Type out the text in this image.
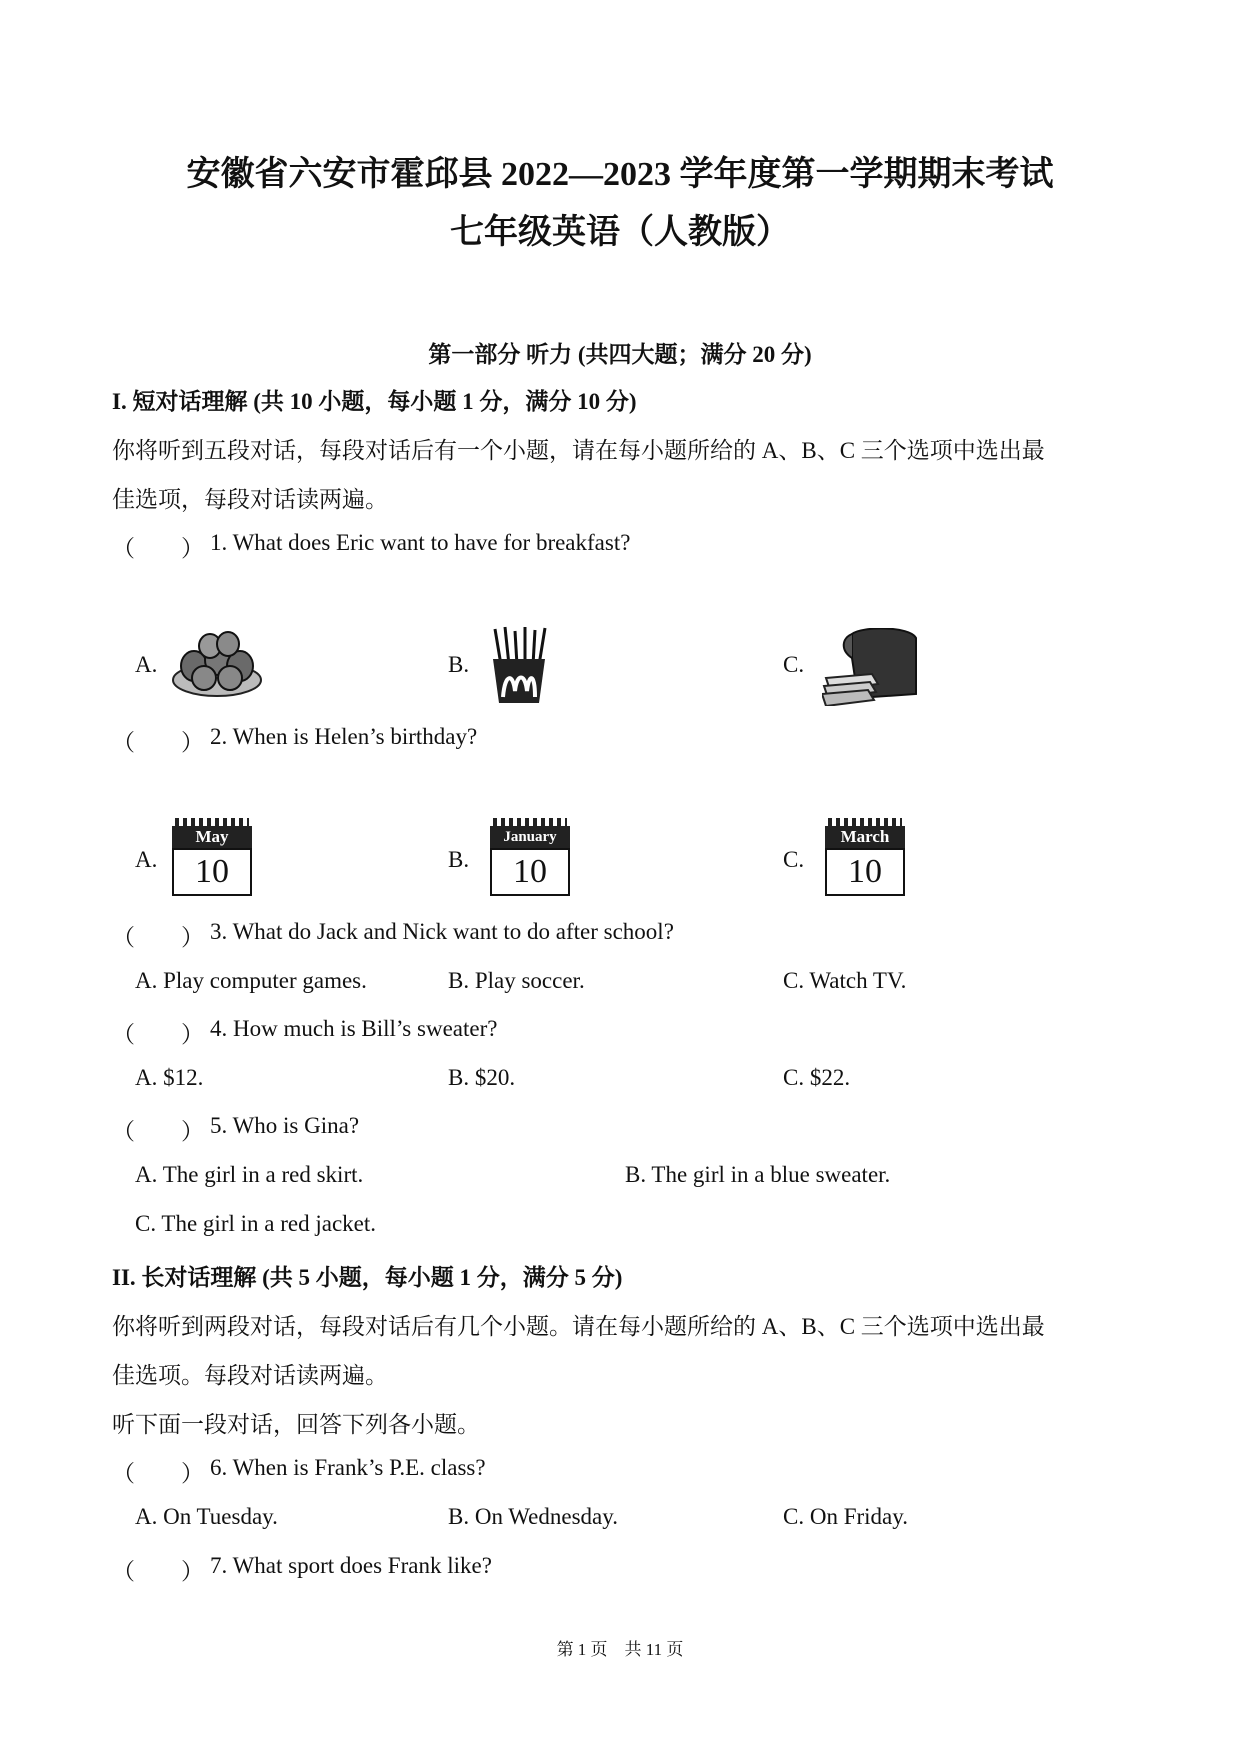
安徽省六安市霍邱县 2022—2023 学年度第一学期期末考试
七年级英语（人教版）
第一部分 听力 (共四大题；满分 20 分)
I. 短对话理解 (共 10 小题，每小题 1 分，满分 10 分)
你将听到五段对话，每段对话后有一个小题，请在每小题所给的 A、B、C 三个选项中选出最
佳选项，每段对话读两遍。
（　　） 1. What does Eric want to have for breakfast?
A.	B.	C.
（　　） 2. When is Helen’s birthday?
A.	B.	C.
May
10
January
10
March
10
（　　） 3. What do Jack and Nick want to do after school?
A. Play computer games.	B. Play soccer.	C. Watch TV.
（　　） 4. How much is Bill’s sweater?
A. $12.	B. $20.	C. $22.
（　　） 5. Who is Gina?
A. The girl in a red skirt.	B. The girl in a blue sweater.
C. The girl in a red jacket.
II. 长对话理解 (共 5 小题，每小题 1 分，满分 5 分)
你将听到两段对话，每段对话后有几个小题。请在每小题所给的 A、B、C 三个选项中选出最
佳选项。每段对话读两遍。
听下面一段对话，回答下列各小题。
（　　） 6. When is Frank’s P.E. class?
A. On Tuesday.	B. On Wednesday.	C. On Friday.
（　　） 7. What sport does Frank like?
第 1 页　共 11 页
